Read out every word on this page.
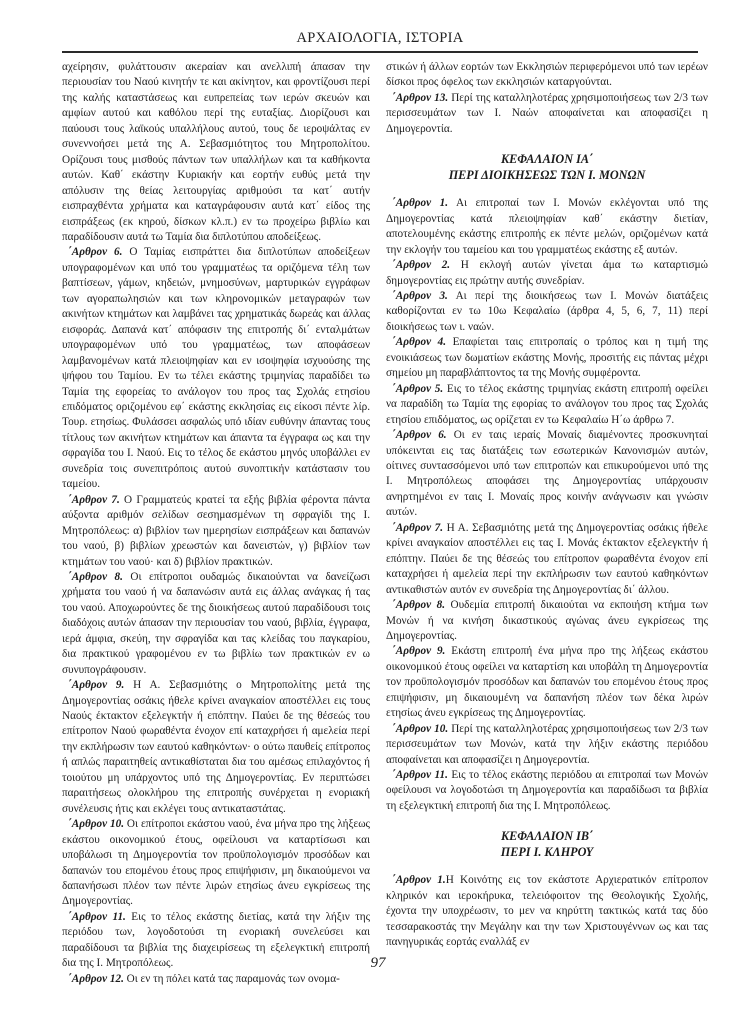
ΑΡΧΑΙΟΛΟΓΙΑ, ΙΣΤΟΡΙΑ

αχείρησιν, φυλάττουσιν ακεραίαν και ανελλιπή άπασαν την περιουσίαν του Ναού κινητήν τε και ακίνητον, και φροντίζουσι περί της καλής καταστάσεως και ευπρεπείας των ιερών σκευών και αμφίων αυτού και καθόλου περί της ευταξίας. Διορίζουσι και παύουσι τους λαϊκούς υπαλλήλους αυτού, τους δε ιεροψάλτας εν συνεννοήσει μετά της Α. Σεβασμιότητος του Μητροπολίτου. Ορίζουσι τους μισθούς πάντων των υπαλλήλων και τα καθήκοντα αυτών. Καθ΄ εκάστην Κυριακήν και εορτήν ευθύς μετά την απόλυσιν της θείας λειτουργίας αριθμούσι τα κατ΄ αυτήν εισπραχθέντα χρήματα και καταγράφουσιν αυτά κατ΄ είδος της εισπράξεως (εκ κηρού, δίσκων κλ.π.) εν τω προχείρω βιβλίω και παραδίδουσιν αυτά τω Ταμία δια διπλοτύπου αποδείξεως.

΄Αρθρον 6. Ο Ταμίας εισπράττει δια διπλοτύπων αποδείξεων υπογραφομένων και υπό του γραμματέως τα οριζόμενα τέλη των βαπτίσεων, γάμων, κηδειών, μνημοσύνων, μαρτυρικών εγγράφων των αγοραπωλησιών και των κληρονομικών μεταγραφών των ακινήτων κτημάτων και λαμβάνει τας χρηματικάς δωρεάς και άλλας εισφοράς. Δαπανά κατ΄ απόφασιν της επιτροπής δι΄ ενταλμάτων υπογραφομένων υπό του γραμματέως, των αποφάσεων λαμβανομένων κατά πλειοψηφίαν και εν ισοψηφία ισχυούσης της ψήφου του Ταμίου. Εν τω τέλει εκάστης τριμηνίας παραδίδει τω Ταμία της εφορείας το ανάλογον του προς τας Σχολάς ετησίου επιδόματος οριζομένου εφ΄ εκάστης εκκλησίας εις είκοσι πέντε λίρ. Τουρ. ετησίως. Φυλάσσει ασφαλώς υπό ιδίαν ευθύνην άπαντας τους τίτλους των ακινήτων κτημάτων και άπαντα τα έγγραφα ως και την σφραγίδα του Ι. Ναού. Εις το τέλος δε εκάστου μηνός υποβάλλει εν συνεδρία τοις συνεπιτρόποις αυτού συνοπτικήν κατάστασιν του ταμείου.

΄Αρθρον 7. Ο Γραμματεύς κρατεί τα εξής βιβλία φέροντα πάντα αύξοντα αριθμόν σελίδων σεσημασμένων τη σφραγίδι της Ι. Μητροπόλεως: α) βιβλίον των ημερησίων εισπράξεων και δαπανών του ναού, β) βιβλίων χρεωστών και δανειστών, γ) βιβλίον των κτημάτων του ναού· και δ) βιβλίον πρακτικών.

΄Αρθρον 8. Οι επίτροποι ουδαμώς δικαιούνται να δανείζωσι χρήματα του ναού ή να δαπανώσιν αυτά εις άλλας ανάγκας ή τας του ναού. Αποχωρούντες δε της διοικήσεως αυτού παραδίδουσι τοις διαδόχοις αυτών άπασαν την περιουσίαν του ναού, βιβλία, έγγραφα, ιερά άμφια, σκεύη, την σφραγίδα και τας κλείδας του παγκαρίου, δια πρακτικού γραφομένου εν τω βιβλίω των πρακτικών εν ω συνυπογράφουσιν.

΄Αρθρον 9. Η Α. Σεβασμιότης ο Μητροπολίτης μετά της Δημογεροντίας οσάκις ήθελε κρίνει αναγκαίον αποστέλλει εις τους Ναούς έκτακτον εξελεγκτήν ή επόπτην. Παύει δε της θέσεώς του επίτροπον Ναού φωραθέντα ένοχον επί καταχρήσει ή αμελεία περί την εκπλήρωσιν των εαυτού καθηκόντων· ο ούτω παυθείς επίτροπος ή απλώς παραιτηθείς αντικαθίσταται δια του αμέσως επιλαχόντος ή τοιούτου μη υπάρχοντος υπό της Δημογεροντίας. Εν περιπτώσει παραιτήσεως ολοκλήρου της επιτροπής συνέρχεται η ενοριακή συνέλευσις ήτις και εκλέγει τους αντικαταστάτας.

΄Αρθρον 10. Οι επίτροποι εκάστου ναού, ένα μήνα προ της λήξεως εκάστου οικονομικού έτους, οφείλουσι να καταρτίσωσι και υποβάλωσι τη Δημογεροντία τον προϋπολογισμόν προσόδων και δαπανών του επομένου έτους προς επιψήφισιν, μη δικαιούμενοι να δαπανήσωσι πλέον των πέντε λιρών ετησίως άνευ εγκρίσεως της Δημογεροντίας.

΄Αρθρον 11. Εις το τέλος εκάστης διετίας, κατά την λήξιν της περιόδου των, λογοδοτούσι τη ενοριακή συνελεύσει και παραδίδουσι τα βιβλία της διαχειρίσεως τη εξελεγκτική επιτροπή δια της Ι. Μητροπόλεως.

΄Αρθρον 12. Οι εν τη πόλει κατά τας παραμονάς των ονομα-

στικών ή άλλων εορτών των Εκκλησιών περιφερόμενοι υπό των ιερέων δίσκοι προς όφελος των εκκλησιών καταργούνται.

΄Αρθρον 13. Περί της καταλληλοτέρας χρησιμοποιήσεως των 2/3 των περισσευμάτων των Ι. Ναών αποφαίνεται και αποφασίζει η Δημογεροντία.

ΚΕΦΑΛΑΙΟΝ ΙΑ΄
ΠΕΡΙ ΔΙΟΙΚΗΣΕΩΣ ΤΩΝ Ι. ΜΟΝΩΝ

΄Αρθρον 1. Αι επιτροπαί των Ι. Μονών εκλέγονται υπό της Δημογεροντίας κατά πλειοψηφίαν καθ΄ εκάστην διετίαν, αποτελουμένης εκάστης επιτροπής εκ πέντε μελών, οριζομένων κατά την εκλογήν του ταμείου και του γραμματέως εκάστης εξ αυτών.

΄Αρθρον 2. Η εκλογή αυτών γίνεται άμα τω καταρτισμώ δημογεροντίας εις πρώτην αυτής συνεδρίαν.

΄Αρθρον 3. Αι περί της διοικήσεως των Ι. Μονών διατάξεις καθορίζονται εν τω 10ω Κεφαλαίω (άρθρα 4, 5, 6, 7, 11) περί διοικήσεως των ι. ναών.

΄Αρθρον 4. Επαφίεται ταις επιτροπαίς ο τρόπος και η τιμή της ενοικιάσεως των δωματίων εκάστης Μονής, προσιτής εις πάντας μέχρι σημείου μη παραβλάπτοντος τα της Μονής συμφέροντα.

΄Αρθρον 5. Εις το τέλος εκάστης τριμηνίας εκάστη επιτροπή οφείλει να παραδίδη τω Ταμία της εφορίας το ανάλογον του προς τας Σχολάς ετησίου επιδόματος, ως ορίζεται εν τω Κεφαλαίω Η΄ω άρθρω 7.

΄Αρθρον 6. Οι εν ταις ιεραίς Μοναίς διαμένοντες προσκυνηταί υπόκεινται εις τας διατάξεις των εσωτερικών Κανονισμών αυτών, οίτινες συντασσόμενοι υπό των επιτροπών και επικυρούμενοι υπό της Ι. Μητροπόλεως αποφάσει της Δημογεροντίας υπάρχουσιν ανηρτημένοι εν ταις Ι. Μοναίς προς κοινήν ανάγνωσιν και γνώσιν αυτών.

΄Αρθρον 7. Η Α. Σεβασμιότης μετά της Δημογεροντίας οσάκις ήθελε κρίνει αναγκαίον αποστέλλει εις τας Ι. Μονάς έκτακτον εξελεγκτήν ή επόπτην. Παύει δε της θέσεώς του επίτροπον φωραθέντα ένοχον επί καταχρήσει ή αμελεία περί την εκπλήρωσιν των εαυτού καθηκόντων αντικαθιστών αυτόν εν συνεδρία της Δημογεροντίας δι΄ άλλου.

΄Αρθρον 8. Ουδεμία επιτροπή δικαιούται να εκποιήση κτήμα των Μονών ή να κινήση δικαστικούς αγώνας άνευ εγκρίσεως της Δημογεροντίας.

΄Αρθρον 9. Εκάστη επιτροπή ένα μήνα προ της λήξεως εκάστου οικονομικού έτους οφείλει να καταρτίση και υποβάλη τη Δημογεροντία τον προϋπολογισμόν προσόδων και δαπανών του επομένου έτους προς επιψήφισιν, μη δικαιουμένη να δαπανήση πλέον των δέκα λιρών ετησίως άνευ εγκρίσεως της Δημογεροντίας.

΄Αρθρον 10. Περί της καταλληλοτέρας χρησιμοποιήσεως των 2/3 των περισσευμάτων των Μονών, κατά την λήξιν εκάστης περιόδου αποφαίνεται και αποφασίζει η Δημογεροντία.

΄Αρθρον 11. Εις το τέλος εκάστης περιόδου αι επιτροπαί των Μονών οφείλουσι να λογοδοτώσι τη Δημογεροντία και παραδίδωσι τα βιβλία τη εξελεγκτική επιτροπή δια της Ι. Μητροπόλεως.

ΚΕΦΑΛΑΙΟΝ ΙΒ΄
ΠΕΡΙ Ι. ΚΛΗΡΟΥ

΄Αρθρον 1.Η Κοινότης εις τον εκάστοτε Αρχιερατικόν επίτροπον κληρικόν και ιεροκήρυκα, τελειόφοιτον της Θεολογικής Σχολής, έχοντα την υποχρέωσιν, το μεν να κηρύττη τακτικώς κατά τας δύο τεσσαρακοστάς την Μεγάλην και την των Χριστουγέννων ως και τας πανηγυρικάς εορτάς εναλλάξ εν

97
